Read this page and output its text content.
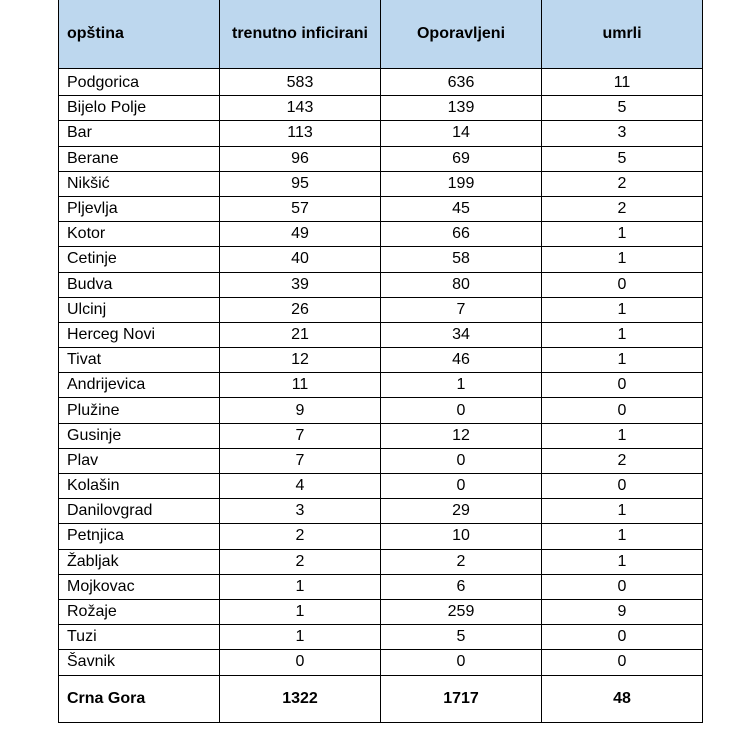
opština	trenutno inficirani	Oporavljeni	umrli
Podgorica	583	636	11
Bijelo Polje	143	139	5
Bar	113	14	3
Berane	96	69	5
Nikšić	95	199	2
Pljevlja	57	45	2
Kotor	49	66	1
Cetinje	40	58	1
Budva	39	80	0
Ulcinj	26	7	1
Herceg Novi	21	34	1
Tivat	12	46	1
Andrijevica	11	1	0
Plužine	9	0	0
Gusinje	7	12	1
Plav	7	0	2
Kolašin	4	0	0
Danilovgrad	3	29	1
Petnjica	2	10	1
Žabljak	2	2	1
Mojkovac	1	6	0
Rožaje	1	259	9
Tuzi	1	5	0
Šavnik	0	0	0
Crna Gora	1322	1717	48
